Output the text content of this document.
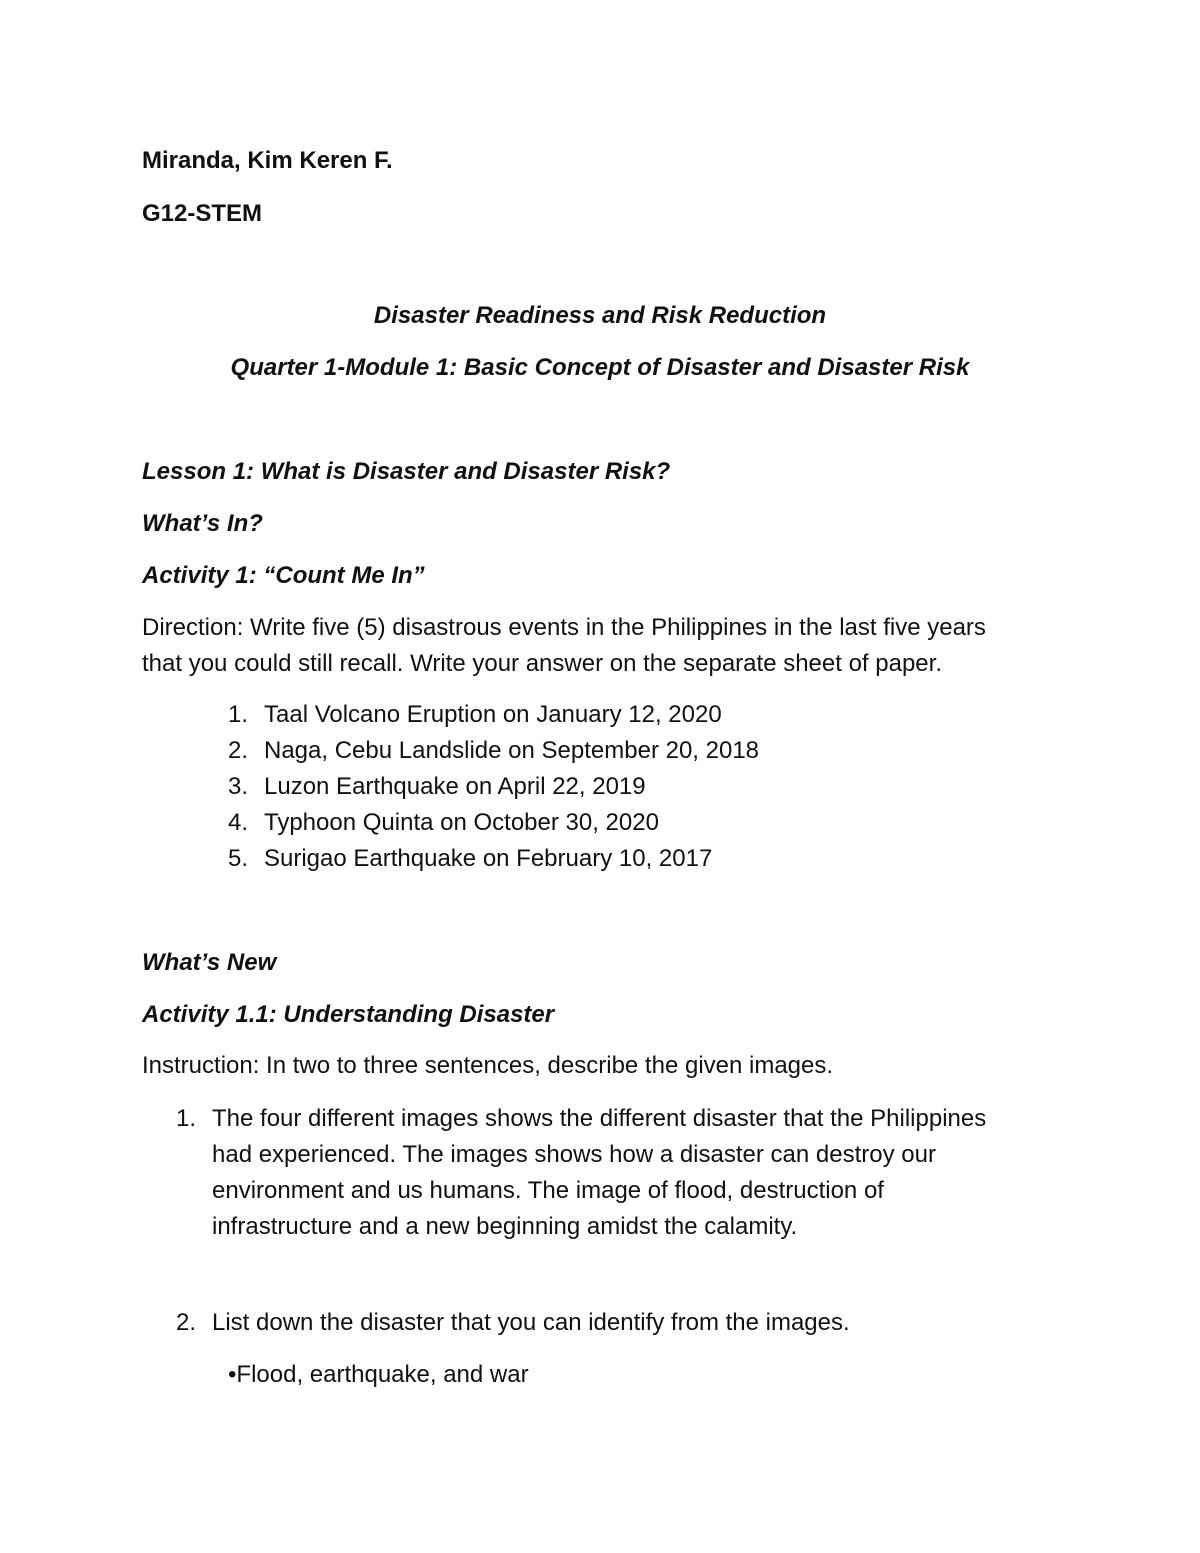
Miranda, Kim Keren F.
G12-STEM
Disaster Readiness and Risk Reduction
Quarter 1-Module 1: Basic Concept of Disaster and Disaster Risk
Lesson 1: What is Disaster and Disaster Risk?
What’s In?
Activity 1: “Count Me In”
Direction: Write five (5) disastrous events in the Philippines in the last five years
that you could still recall. Write your answer on the separate sheet of paper.
1. Taal Volcano Eruption on January 12, 2020
2. Naga, Cebu Landslide on September 20, 2018
3. Luzon Earthquake on April 22, 2019
4. Typhoon Quinta on October 30, 2020
5. Surigao Earthquake on February 10, 2017
What’s New
Activity 1.1: Understanding Disaster
Instruction: In two to three sentences, describe the given images.
1. The four different images shows the different disaster that the Philippines
had experienced. The images shows how a disaster can destroy our
environment and us humans. The image of flood, destruction of
infrastructure and a new beginning amidst the calamity.
2. List down the disaster that you can identify from the images.
•Flood, earthquake, and war
